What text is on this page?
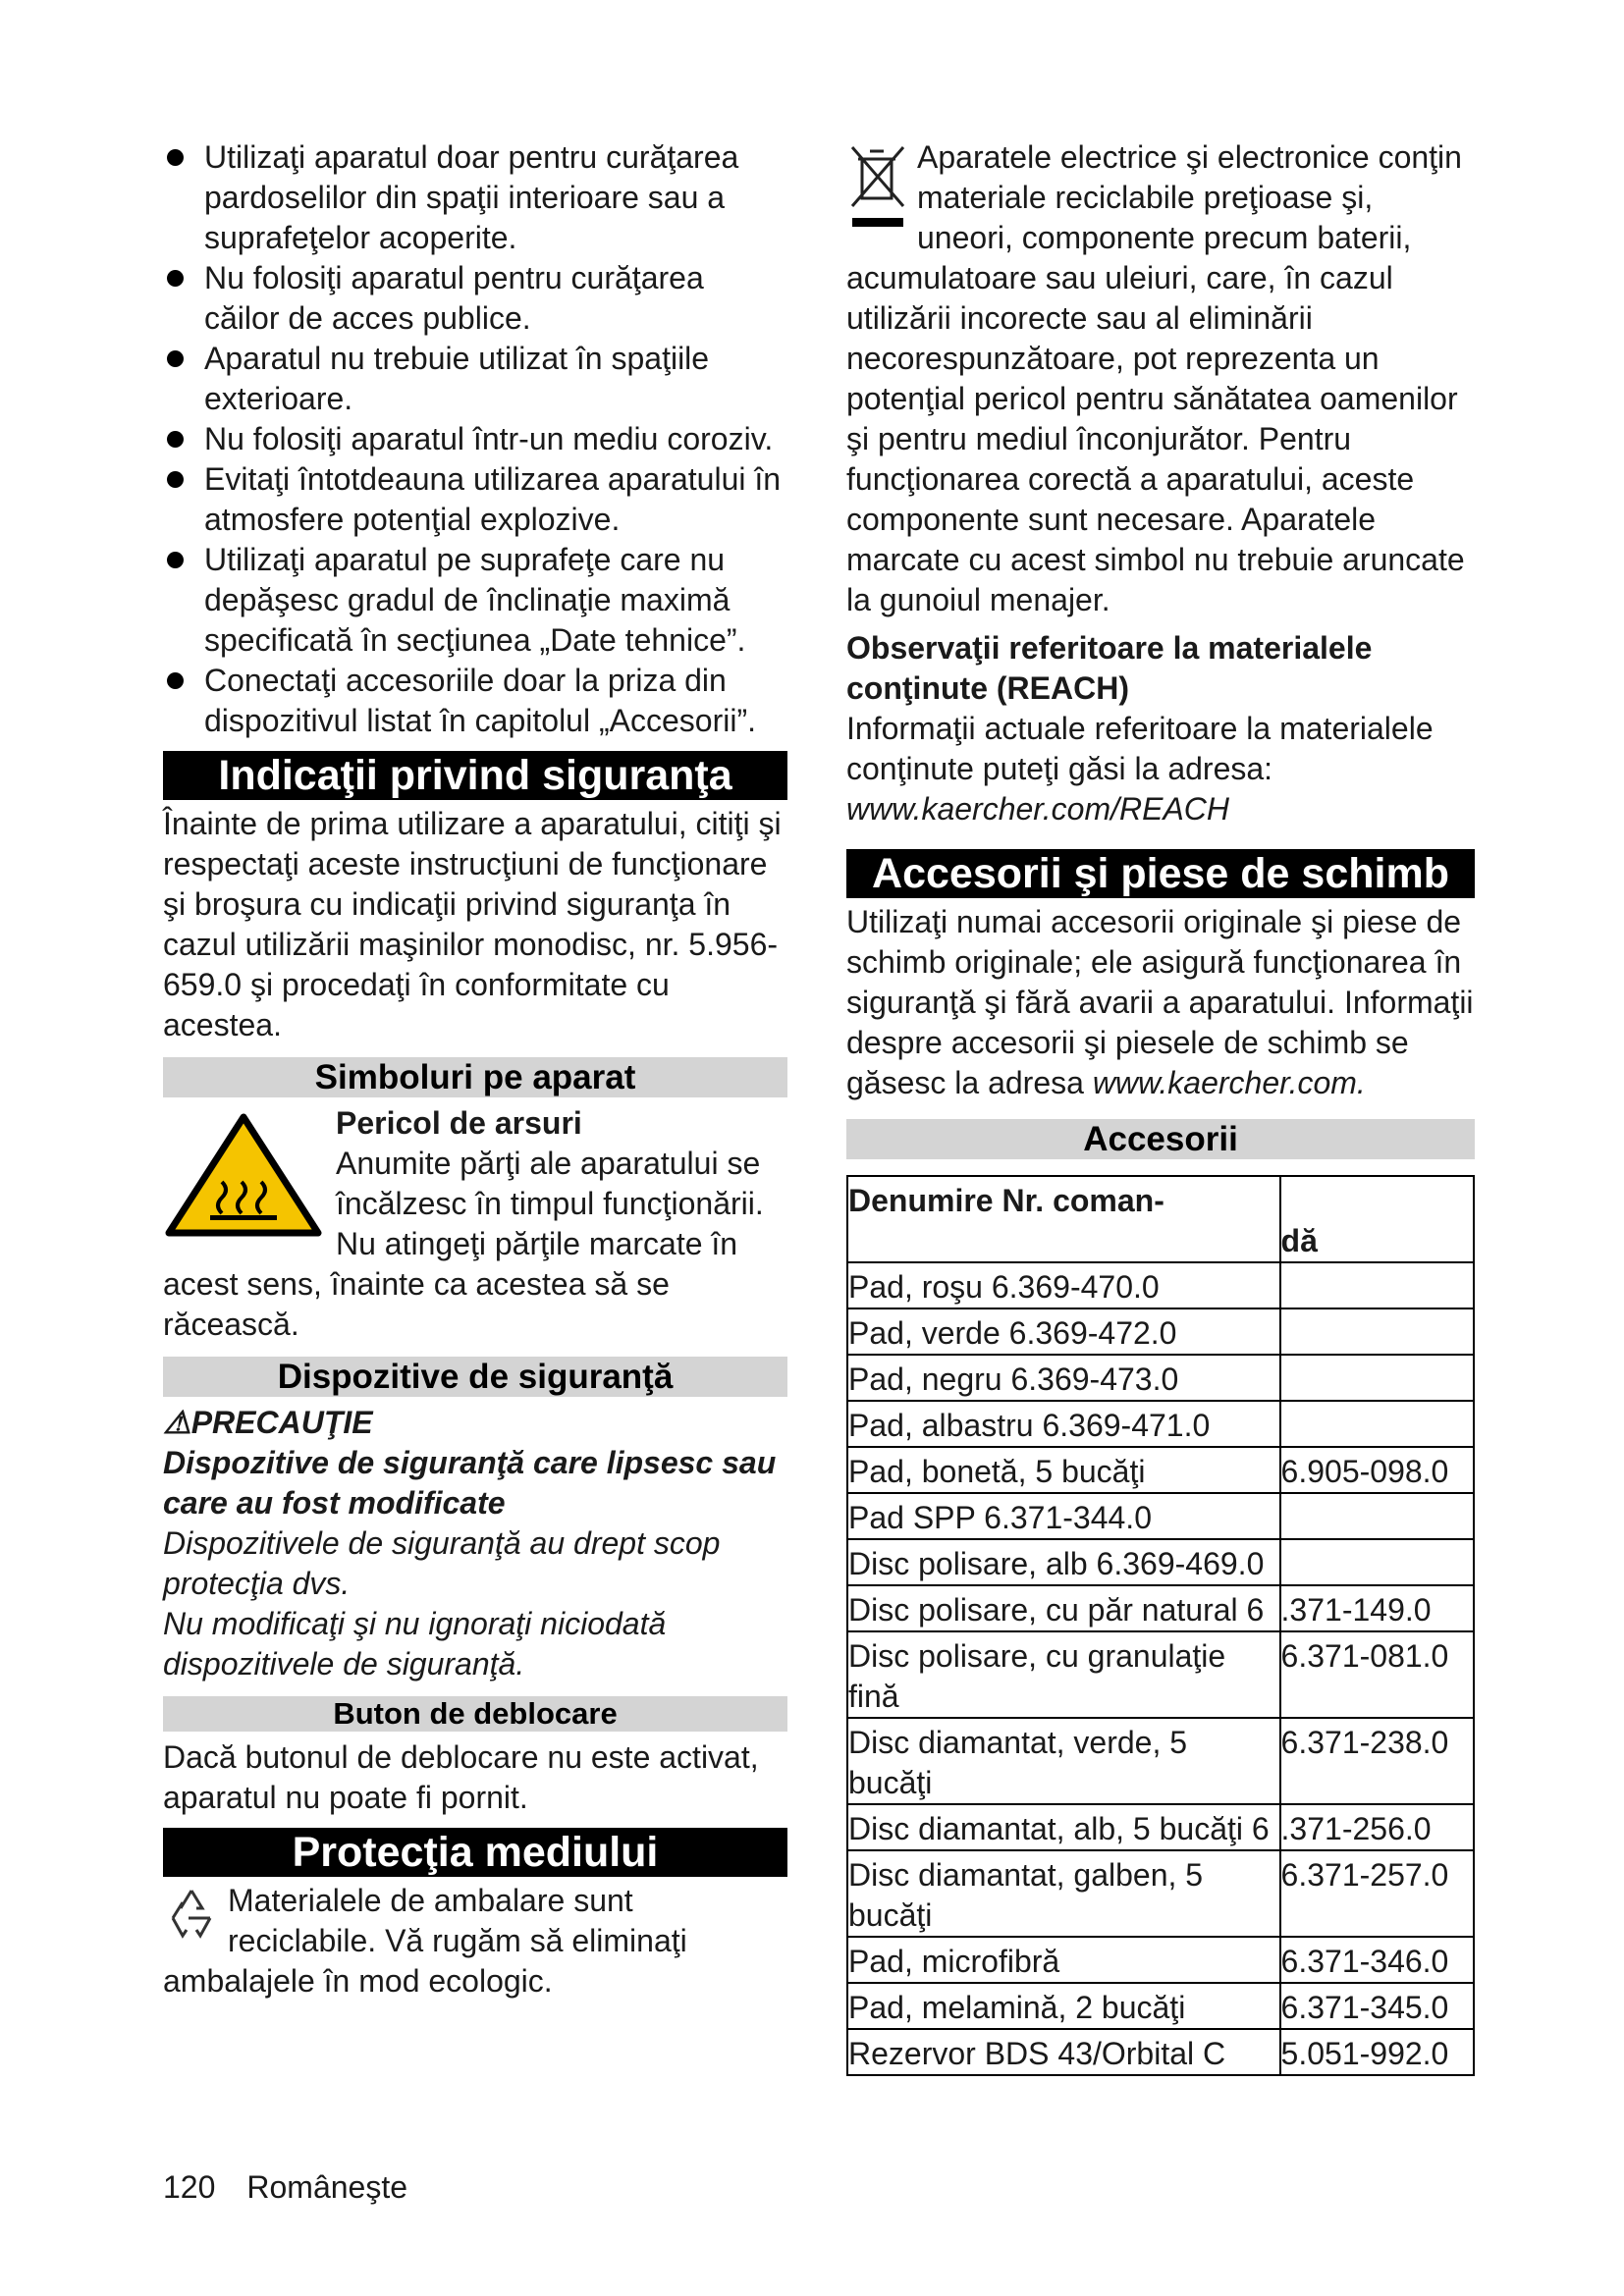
Utilizaţi aparatul doar pentru curăţarea pardoselilor din spaţii interioare sau a suprafeţelor acoperite.
Nu folosiţi aparatul pentru curăţarea căilor de acces publice.
Aparatul nu trebuie utilizat în spaţiile exterioare.
Nu folosiţi aparatul într-un mediu coroziv.
Evitaţi întotdeauna utilizarea aparatului în atmosfere potenţial explozive.
Utilizaţi aparatul pe suprafeţe care nu depăşesc gradul de înclinaţie maximă specificată în secţiunea „Date tehnice”.
Conectaţi accesoriile doar la priza din dispozitivul listat în capitolul „Accesorii”.
Indicaţii privind siguranţa

Înainte de prima utilizare a aparatului, citiţi şi respectaţi aceste instrucţiuni de funcţionare şi broşura cu indicaţii privind siguranţa în cazul utilizării maşinilor monodisc, nr. 5.956-659.0 şi procedaţi în conformitate cu acestea.

Simboluri pe aparat

Pericol de arsuri

Anumite părţi ale aparatului se încălzesc în timpul funcţionării. Nu atingeţi părţile marcate în acest sens, înainte ca acestea să se răcească.

Dispozitive de siguranţă

⚠PRECAUŢIE

Dispozitive de siguranţă care lipsesc sau care au fost modificate

Dispozitivele de siguranţă au drept scop protecţia dvs.

Nu modificaţi şi nu ignoraţi niciodată dispozitivele de siguranţă.

Buton de deblocare

Dacă butonul de deblocare nu este activat, aparatul nu poate fi pornit.

Protecţia mediului

Materialele de ambalare sunt reciclabile. Vă rugăm să eliminaţi ambalajele în mod ecologic.

Aparatele electrice şi electronice conţin materiale reciclabile preţioase şi, uneori, componente precum baterii, acumulatoare sau uleiuri, care, în cazul utilizării incorecte sau al eliminării necorespunzătoare, pot reprezenta un potenţial pericol pentru sănătatea oamenilor şi pentru mediul înconjurător. Pentru funcţionarea corectă a aparatului, aceste componente sunt necesare. Aparatele marcate cu acest simbol nu trebuie aruncate la gunoiul menajer.

Observaţii referitoare la materialele conţinute (REACH)

Informaţii actuale referitoare la materialele conţinute puteţi găsi la adresa: www.kaercher.com/REACH

Accesorii şi piese de schimb

Utilizaţi numai accesorii originale şi piese de schimb originale; ele asigură funcţionarea în siguranţă şi fără avarii a aparatului. Informaţii despre accesorii şi piesele de schimb se găsesc la adresa www.kaercher.com.

Accesorii
Denumire Nr. coman-	dă

Pad, roşu 6.369-470.0	
Pad, verde 6.369-472.0	
Pad, negru 6.369-473.0	
Pad, albastru 6.369-471.0	
Pad, bonetă, 5 bucăţi	6.905-098.0
Pad SPP 6.371-344.0	
Disc polisare, alb 6.369-469.0	
Disc polisare, cu păr natural 6	.371-149.0
Disc polisare, cu granulaţie fină	6.371-081.0
Disc diamantat, verde, 5 bucăţi	6.371-238.0
Disc diamantat, alb, 5 bucăţi 6	.371-256.0
Disc diamantat, galben, 5 bucăţi	6.371-257.0
Pad, microfibră	6.371-346.0
Pad, melamină, 2 bucăţi	6.371-345.0
Rezervor BDS 43/Orbital C	5.051-992.0
120 Româneşte
